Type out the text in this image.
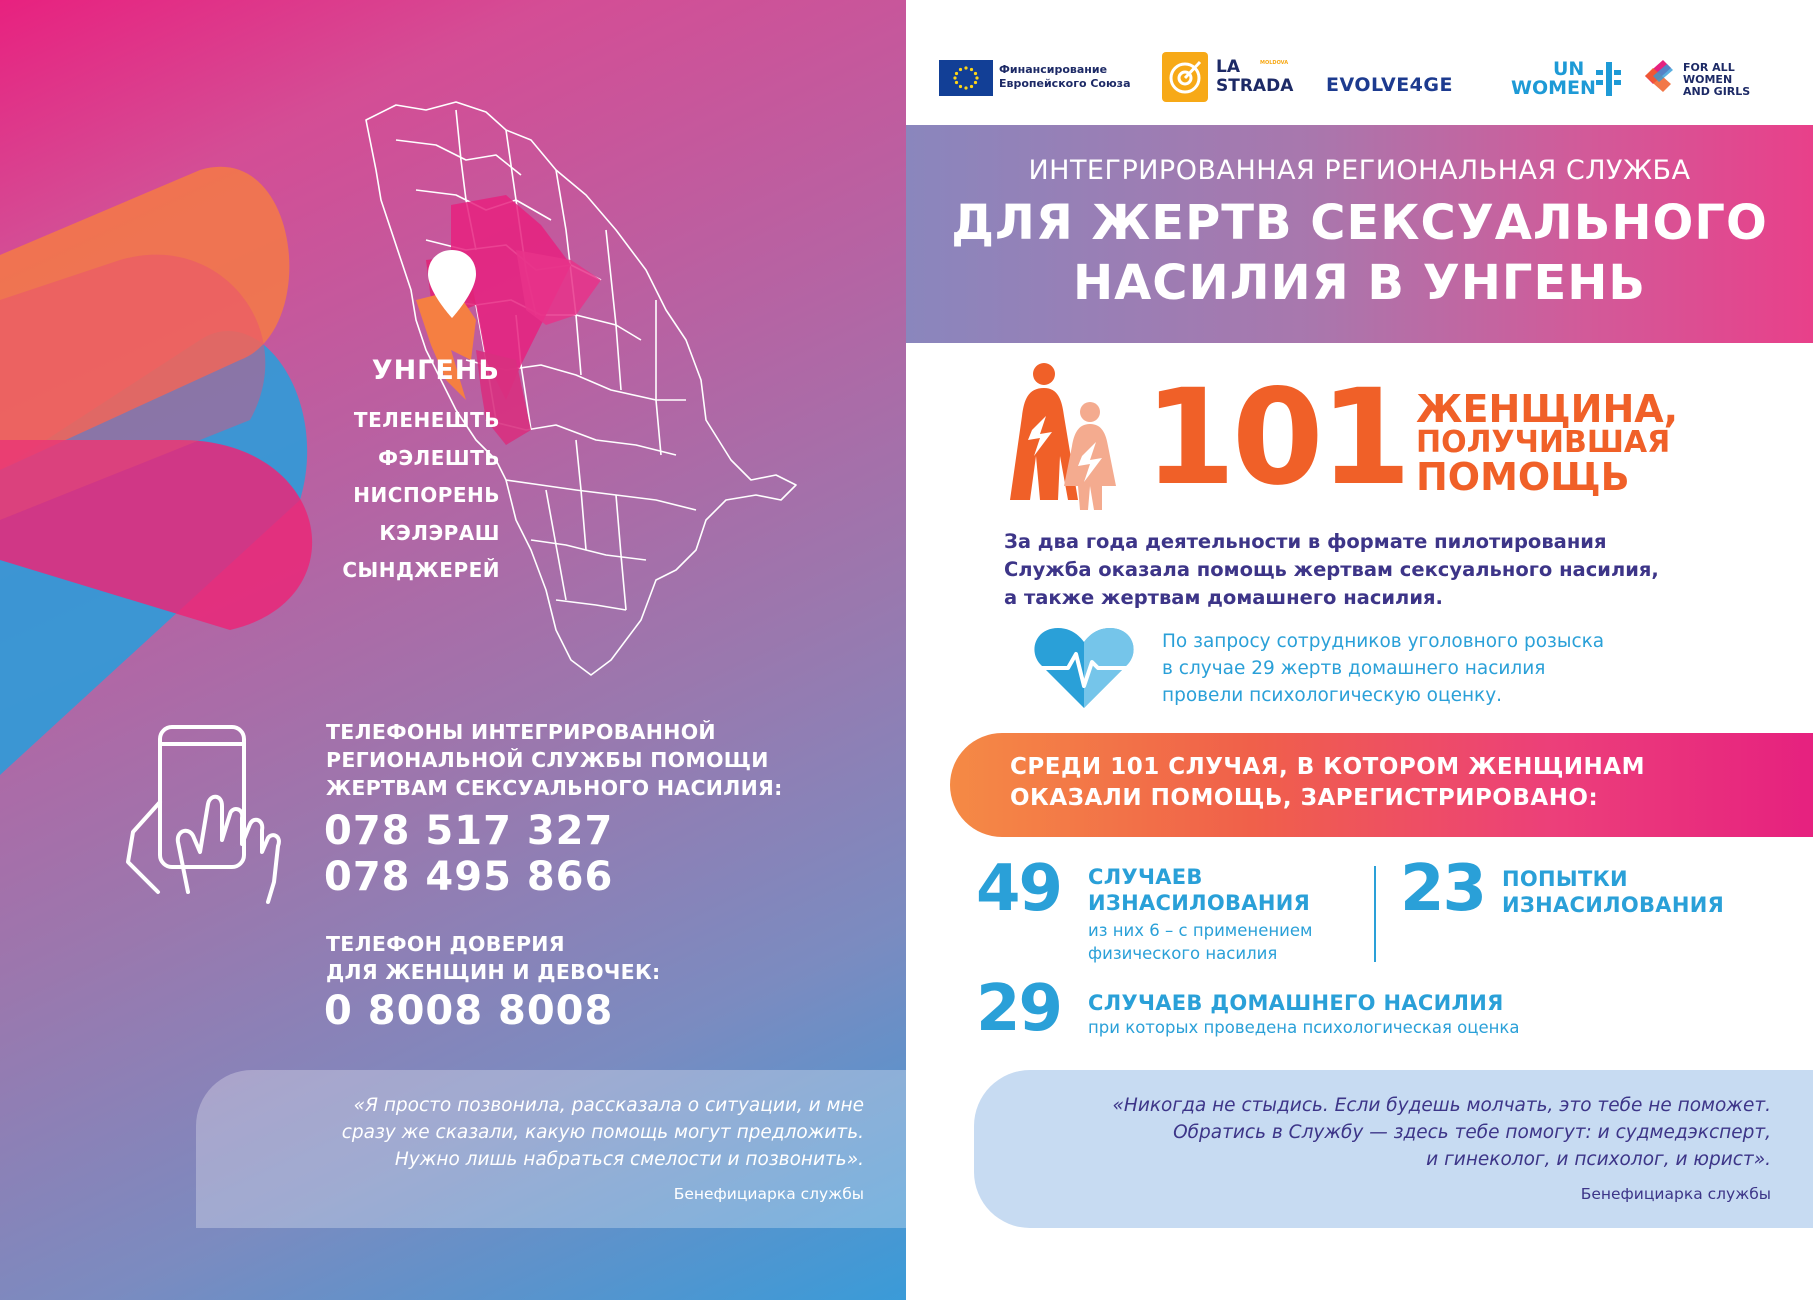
УНГЕНЬ
ТЕЛЕНЕШТЬ
ФЭЛЕШТЬ
НИСПОРЕНЬ
КЭЛЭРАШ
СЫНДЖЕРЕЙ
ТЕЛЕФОНЫ ИНТЕГРИРОВАННОЙ
РЕГИОНАЛЬНОЙ СЛУЖБЫ ПОМОЩИ
ЖЕРТВАМ СЕКСУАЛЬНОГО НАСИЛИЯ:
078 517 327
078 495 866
ТЕЛЕФОН ДОВЕРИЯ
ДЛЯ ЖЕНЩИН И ДЕВОЧЕК:
0 8008 8008
«Я просто позвонила, рассказала о ситуации, и мне
сразу же сказали, какую помощь могут предложить.
Нужно лишь набраться смелости и позвонить».
Бенефициарка службы
Финансирование
Европейского Союза
LA
STRADA
MOLDOVA
EVOLVE4GE
UN
WOMEN
FOR ALL
WOMEN
AND GIRLS
ИНТЕГРИРОВАННАЯ РЕГИОНАЛЬНАЯ СЛУЖБА
ДЛЯ ЖЕРТВ СЕКСУАЛЬНОГО
НАСИЛИЯ В УНГЕНЬ
101 ЖЕНЩИНА,
ПОЛУЧИВШАЯ
ПОМОЩЬ
За два года деятельности в формате пилотирования
Служба оказала помощь жертвам сексуального насилия,
а также жертвам домашнего насилия.
По запросу сотрудников уголовного розыска
в случае 29 жертв домашнего насилия
провели психологическую оценку.
СРЕДИ 101 СЛУЧАЯ, В КОТОРОМ ЖЕНЩИНАМ
ОКАЗАЛИ ПОМОЩЬ, ЗАРЕГИСТРИРОВАНО:
49 СЛУЧАЕВ
ИЗНАСИЛОВАНИЯ
из них 6 – с применением
физического насилия
23 ПОПЫТКИ
ИЗНАСИЛОВАНИЯ
29 СЛУЧАЕВ ДОМАШНЕГО НАСИЛИЯ
при которых проведена психологическая оценка
«Никогда не стыдись. Если будешь молчать, это тебе не поможет.
Обратись в Службу — здесь тебе помогут: и судмедэксперт,
и гинеколог, и психолог, и юрист».
Бенефициарка службы
